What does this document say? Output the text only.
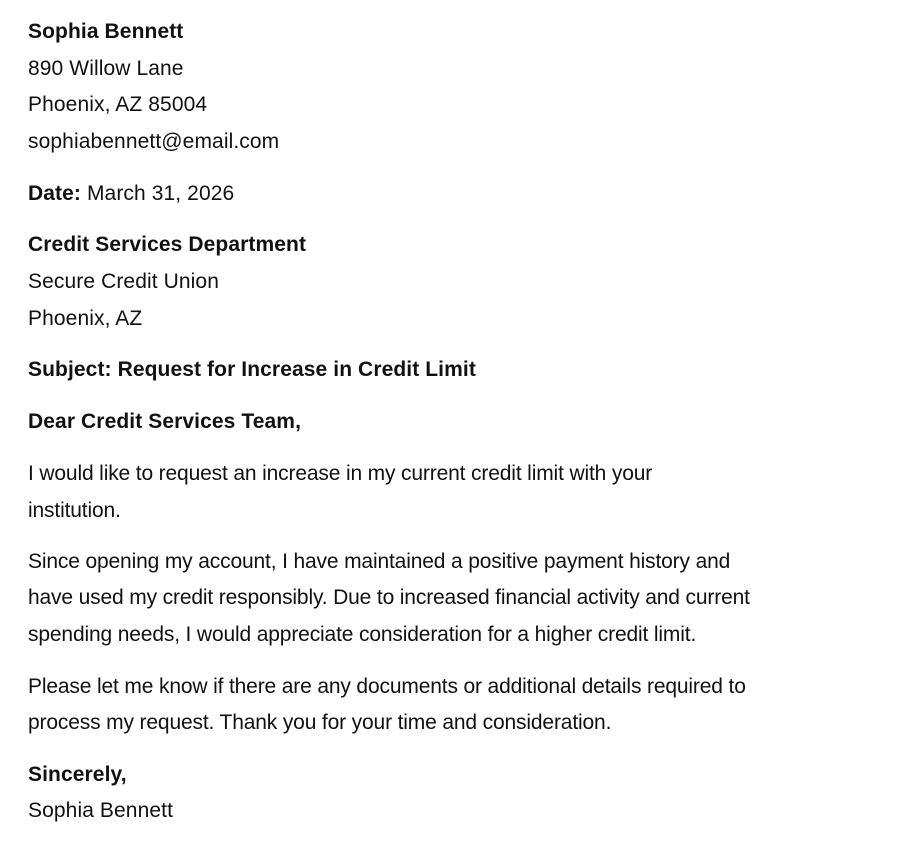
Sophia Bennett
890 Willow Lane
Phoenix, AZ 85004
sophiabennett@email.com
Date: March 31, 2026
Credit Services Department
Secure Credit Union
Phoenix, AZ
Subject: Request for Increase in Credit Limit
Dear Credit Services Team,
I would like to request an increase in my current credit limit with your
institution.
Since opening my account, I have maintained a positive payment history and
have used my credit responsibly. Due to increased financial activity and current
spending needs, I would appreciate consideration for a higher credit limit.
Please let me know if there are any documents or additional details required to
process my request. Thank you for your time and consideration.
Sincerely,
Sophia Bennett
